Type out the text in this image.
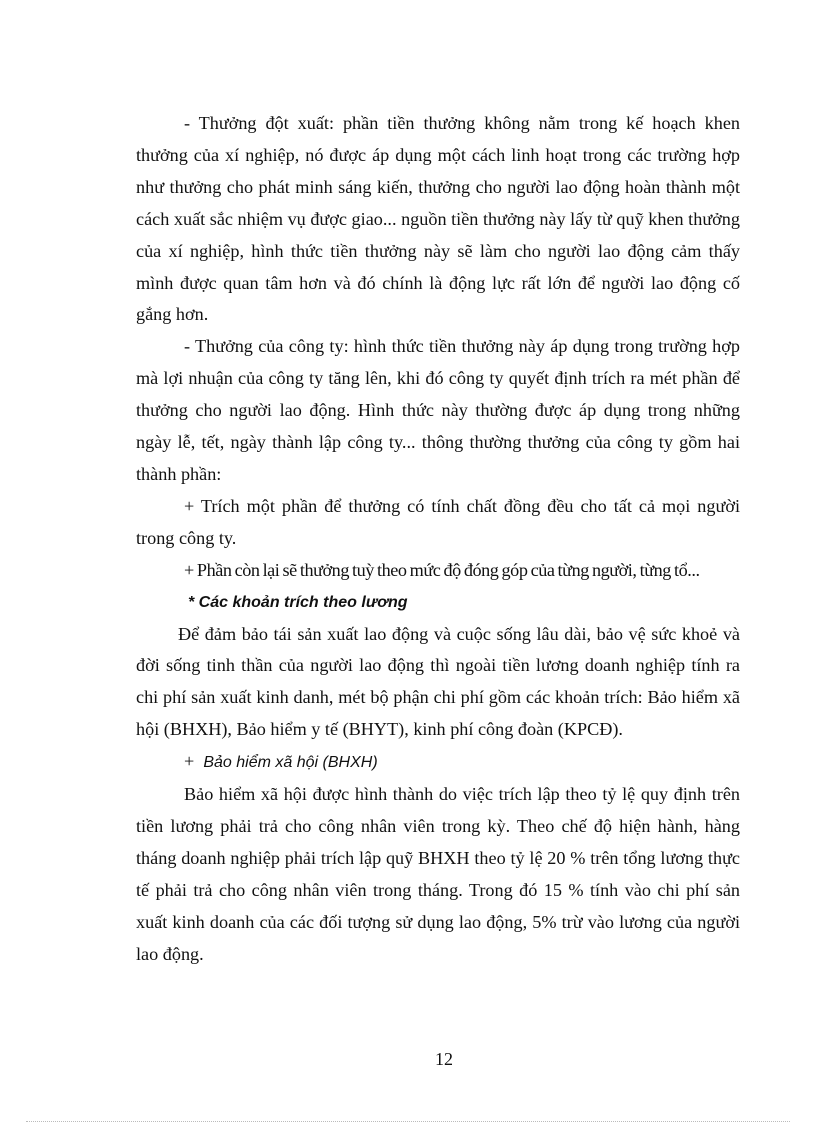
- Thưởng đột xuất: phần tiền thưởng không nằm trong kế hoạch khen thưởng của xí nghiệp, nó được áp dụng một cách linh hoạt trong các trường hợp như thưởng cho phát minh sáng kiến, thưởng cho người lao động hoàn thành một cách xuất sắc nhiệm vụ được giao... nguồn tiền thưởng này lấy từ quỹ khen thưởng của xí nghiệp, hình thức tiền thưởng này sẽ làm cho người lao động cảm thấy mình được quan tâm hơn và đó chính là động lực rất lớn để người lao động cố gắng hơn.

- Thưởng của công ty: hình thức tiền thưởng này áp dụng trong trường hợp mà lợi nhuận của công ty tăng lên, khi đó công ty quyết định trích ra mét phần để thưởng cho người lao động. Hình thức này thường được áp dụng trong những ngày lễ, tết, ngày thành lập công ty... thông thường thưởng của công ty gồm hai thành phần:

+ Trích một phần để thưởng có tính chất đồng đều cho tất cả mọi người trong công ty.

+ Phần còn lại sẽ thưởng tuỳ theo mức độ đóng góp của từng người, từng tổ...

* Các khoản trích theo lương

Để đảm bảo tái sản xuất lao động và cuộc sống lâu dài, bảo vệ sức khoẻ và đời sống tinh thần của người lao động thì ngoài tiền lương doanh nghiệp tính ra chi phí sản xuất kinh danh, mét bộ phận chi phí gồm các khoản trích: Bảo hiểm xã hội (BHXH), Bảo hiểm y tế (BHYT), kinh phí công đoàn (KPCĐ).

+ Bảo hiểm xã hội (BHXH)

Bảo hiểm xã hội được hình thành do việc trích lập theo tỷ lệ quy định trên tiền lương phải trả cho công nhân viên trong kỳ. Theo chế độ hiện hành, hàng tháng doanh nghiệp phải trích lập quỹ BHXH theo tỷ lệ 20 % trên tổng lương thực tế phải trả cho công nhân viên trong tháng. Trong đó 15 % tính vào chi phí sản xuất kinh doanh của các đối tượng sử dụng lao động, 5% trừ vào lương của người lao động.

12
